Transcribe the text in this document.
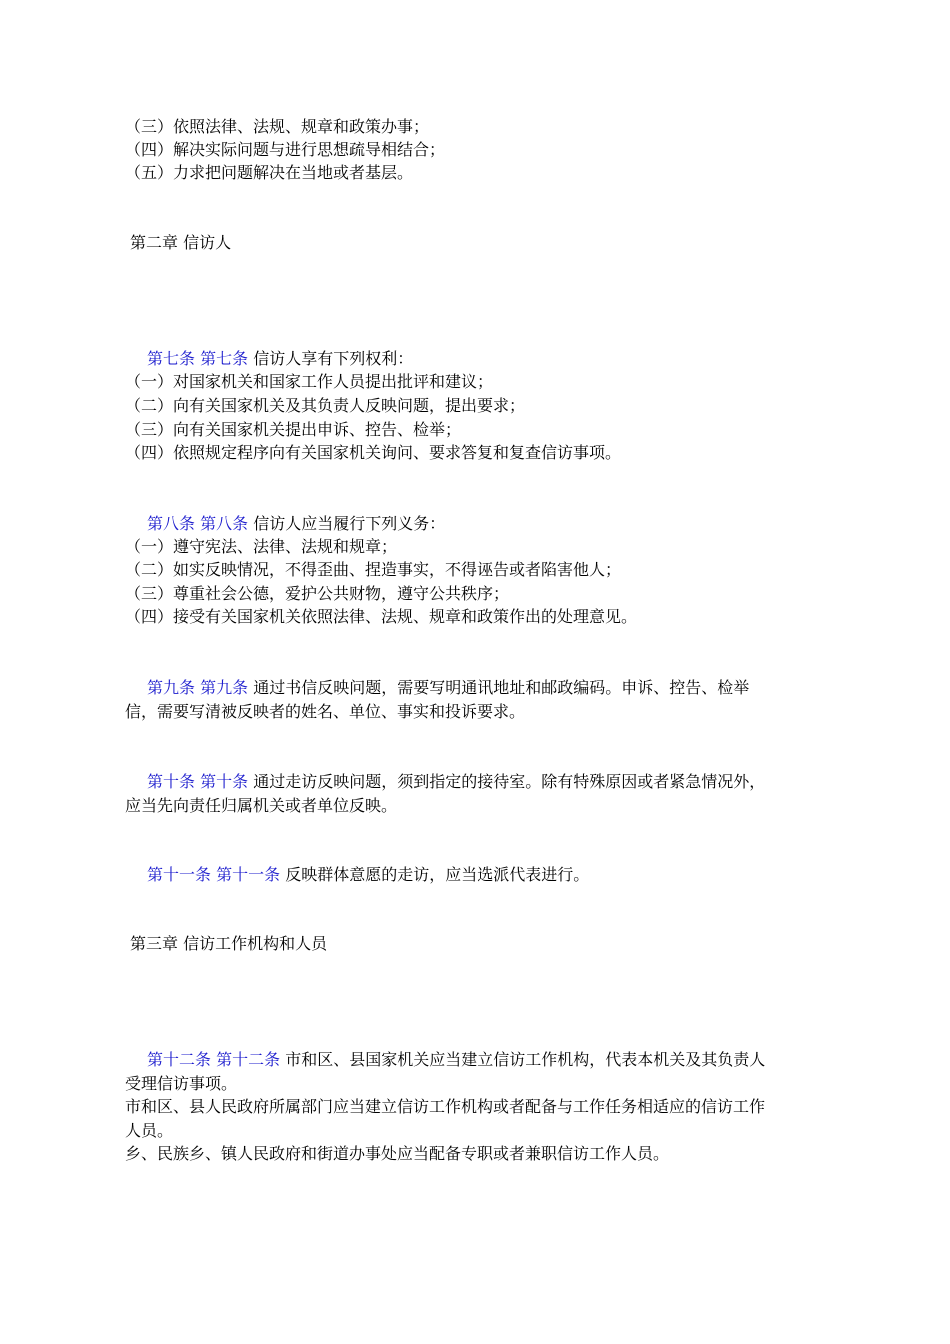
（三）依照法律、法规、规章和政策办事；
（四）解决实际问题与进行思想疏导相结合；
（五）力求把问题解决在当地或者基层。
第二章 信访人
第七条 第七条 信访人享有下列权利：
（一）对国家机关和国家工作人员提出批评和建议；
（二）向有关国家机关及其负责人反映问题，提出要求；
（三）向有关国家机关提出申诉、控告、检举；
（四）依照规定程序向有关国家机关询问、要求答复和复查信访事项。
第八条 第八条 信访人应当履行下列义务：
（一）遵守宪法、法律、法规和规章；
（二）如实反映情况，不得歪曲、捏造事实，不得诬告或者陷害他人；
（三）尊重社会公德，爱护公共财物，遵守公共秩序；
（四）接受有关国家机关依照法律、法规、规章和政策作出的处理意见。
第九条 第九条 通过书信反映问题，需要写明通讯地址和邮政编码。申诉、控告、检举
信，需要写清被反映者的姓名、单位、事实和投诉要求。
第十条 第十条 通过走访反映问题，须到指定的接待室。除有特殊原因或者紧急情况外，
应当先向责任归属机关或者单位反映。
第十一条 第十一条 反映群体意愿的走访，应当选派代表进行。
第三章 信访工作机构和人员
第十二条 第十二条 市和区、县国家机关应当建立信访工作机构，代表本机关及其负责人
受理信访事项。
市和区、县人民政府所属部门应当建立信访工作机构或者配备与工作任务相适应的信访工作
人员。
乡、民族乡、镇人民政府和街道办事处应当配备专职或者兼职信访工作人员。
